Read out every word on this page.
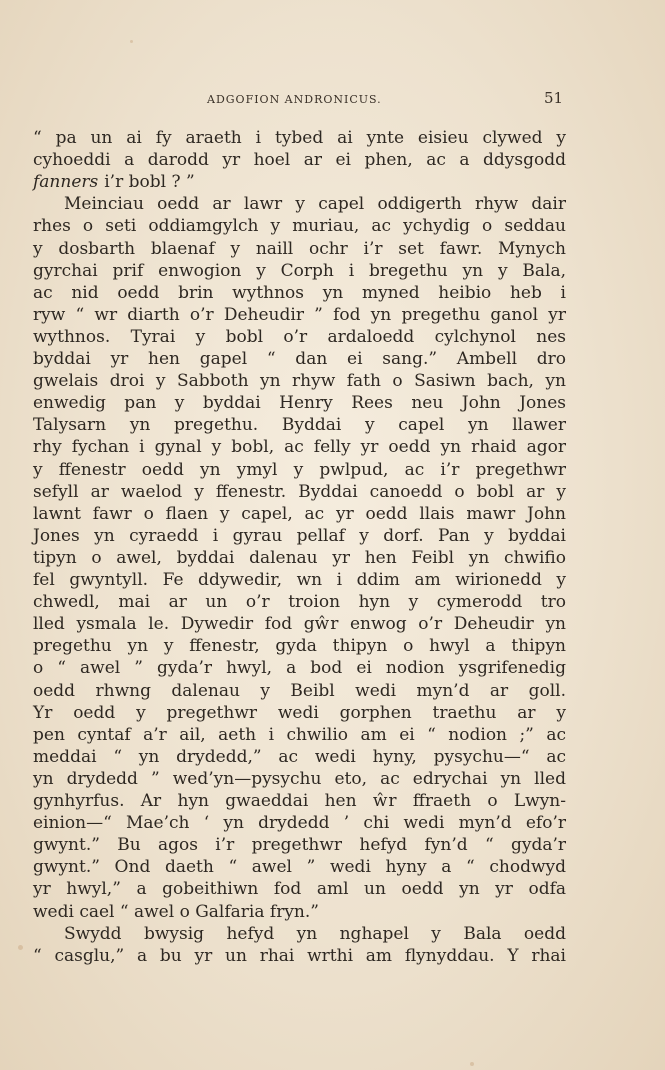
ADGOFION ANDRONICUS.	51
“ pa un ai fy araeth i tybed ai ynte eisieu clywed y
cyhoeddi a darodd yr hoel ar ei phen, ac a ddysgodd
fanners i’r bobl ? ”
Meinciau oedd ar lawr y capel oddigerth rhyw dair
rhes o seti oddiamgylch y muriau, ac ychydig o seddau
y dosbarth blaenaf y naill ochr i’r set fawr. Mynych
gyrchai prif enwogion y Corph i bregethu yn y Bala,
ac nid oedd brin wythnos yn myned heibio heb i
ryw “ wr diarth o’r Deheudir ” fod yn pregethu ganol yr
wythnos. Tyrai y bobl o’r ardaloedd cylchynol nes
byddai yr hen gapel “ dan ei sang.” Ambell dro
gwelais droi y Sabboth yn rhyw fath o Sasiwn bach, yn
enwedig pan y byddai Henry Rees neu John Jones
Talysarn yn pregethu. Byddai y capel yn llawer
rhy fychan i gynal y bobl, ac felly yr oedd yn rhaid agor
y ffenestr oedd yn ymyl y pwlpud, ac i’r pregethwr
sefyll ar waelod y ffenestr. Byddai canoedd o bobl ar y
lawnt fawr o flaen y capel, ac yr oedd llais mawr John
Jones yn cyraedd i gyrau pellaf y dorf. Pan y byddai
tipyn o awel, byddai dalenau yr hen Feibl yn chwifio
fel gwyntyll. Fe ddywedir, wn i ddim am wirionedd y
chwedl, mai ar un o’r troion hyn y cymerodd tro
lled ysmala le. Dywedir fod gŵr enwog o’r Deheudir yn
pregethu yn y ffenestr, gyda thipyn o hwyl a thipyn
o “ awel ” gyda’r hwyl, a bod ei nodion ysgrifenedig
oedd rhwng dalenau y Beibl wedi myn’d ar goll.
Yr oedd y pregethwr wedi gorphen traethu ar y
pen cyntaf a’r ail, aeth i chwilio am ei “ nodion ;” ac
meddai “ yn drydedd,” ac wedi hyny, pysychu—“ ac
yn drydedd ” wed’yn—pysychu eto, ac edrychai yn lled
gynhyrfus. Ar hyn gwaeddai hen ŵr ffraeth o Lwyn-
einion—“ Mae’ch ‘ yn drydedd ’ chi wedi myn’d efo’r
gwynt.” Bu agos i’r pregethwr hefyd fyn’d “ gyda’r
gwynt.” Ond daeth “ awel ” wedi hyny a “ chodwyd
yr hwyl,” a gobeithiwn fod aml un oedd yn yr odfa
wedi cael “ awel o Galfaria fryn.”
Swydd bwysig hefyd yn nghapel y Bala oedd
“ casglu,” a bu yr un rhai wrthi am flynyddau. Y rhai
